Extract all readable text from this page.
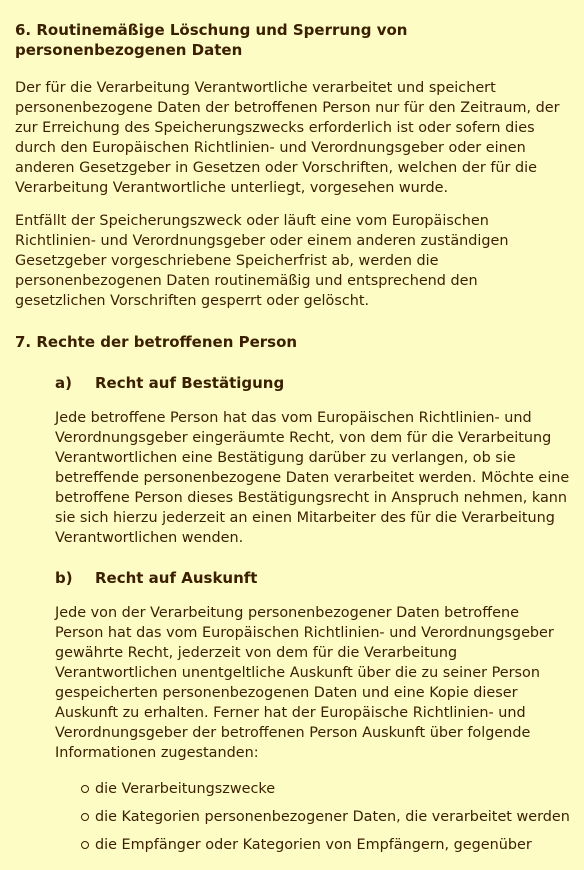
6. Routinemäßige Löschung und Sperrung von personenbezogenen Daten

Der für die Verarbeitung Verantwortliche verarbeitet und speichert personenbezogene Daten der betroffenen Person nur für den Zeitraum, der zur Erreichung des Speicherungszwecks erforderlich ist oder sofern dies durch den Europäischen Richtlinien- und Verordnungsgeber oder einen anderen Gesetzgeber in Gesetzen oder Vorschriften, welchen der für die Verarbeitung Verantwortliche unterliegt, vorgesehen wurde.

Entfällt der Speicherungszweck oder läuft eine vom Europäischen Richtlinien- und Verordnungsgeber oder einem anderen zuständigen Gesetzgeber vorgeschriebene Speicherfrist ab, werden die personenbezogenen Daten routinemäßig und entsprechend den gesetzlichen Vorschriften gesperrt oder gelöscht.

7. Rechte der betroffenen Person
a)	Recht auf Bestätigung

Jede betroffene Person hat das vom Europäischen Richtlinien- und Verordnungsgeber eingeräumte Recht, von dem für die Verarbeitung Verantwortlichen eine Bestätigung darüber zu verlangen, ob sie betreffende personenbezogene Daten verarbeitet werden. Möchte eine betroffene Person dieses Bestätigungsrecht in Anspruch nehmen, kann sie sich hierzu jederzeit an einen Mitarbeiter des für die Verarbeitung Verantwortlichen wenden.

b)	Recht auf Auskunft

Jede von der Verarbeitung personenbezogener Daten betroffene Person hat das vom Europäischen Richtlinien- und Verordnungsgeber gewährte Recht, jederzeit von dem für die Verarbeitung Verantwortlichen unentgeltliche Auskunft über die zu seiner Person gespeicherten personenbezogenen Daten und eine Kopie dieser Auskunft zu erhalten. Ferner hat der Europäische Richtlinien- und Verordnungsgeber der betroffenen Person Auskunft über folgende Informationen zugestanden:

die Verarbeitungszwecke
die Kategorien personenbezogener Daten, die verarbeitet werden
die Empfänger oder Kategorien von Empfängern, gegenüber
